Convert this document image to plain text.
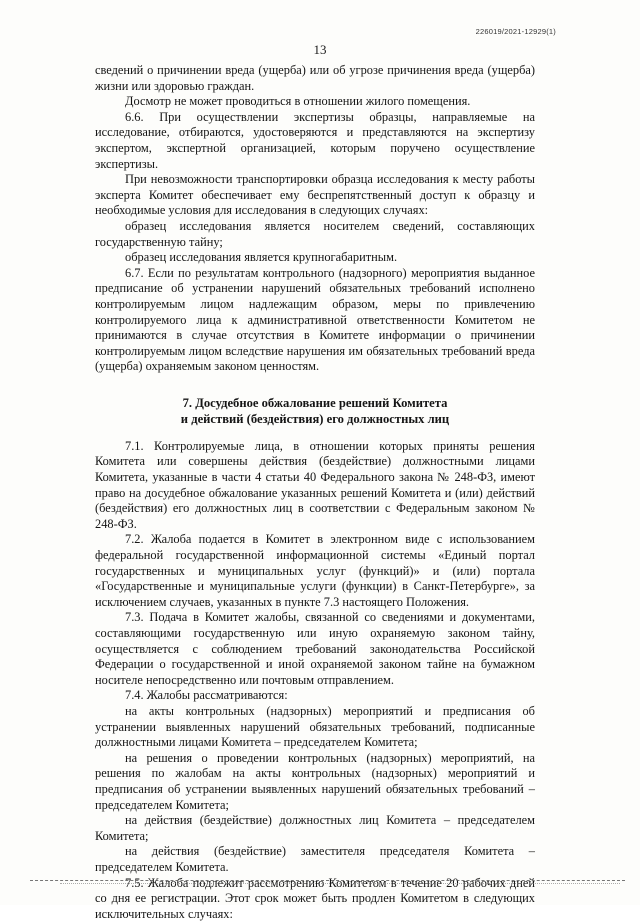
226019/2021-12929(1)
13

сведений о причинении вреда (ущерба) или об угрозе причинения вреда (ущерба) жизни или здоровью граждан.

Досмотр не может проводиться в отношении жилого помещения.

6.6. При осуществлении экспертизы образцы, направляемые на исследование, отбираются, удостоверяются и представляются на экспертизу экспертом, экспертной организацией, которым поручено осуществление экспертизы.

При невозможности транспортировки образца исследования к месту работы эксперта Комитет обеспечивает ему беспрепятственный доступ к образцу и необходимые условия для исследования в следующих случаях:

образец исследования является носителем сведений, составляющих государственную тайну;

образец исследования является крупногабаритным.

6.7. Если по результатам контрольного (надзорного) мероприятия выданное предписание об устранении нарушений обязательных требований исполнено контролируемым лицом надлежащим образом, меры по привлечению контролируемого лица к административной ответственности Комитетом не принимаются в случае отсутствия в Комитете информации о причинении контролируемым лицом вследствие нарушения им обязательных требований вреда (ущерба) охраняемым законом ценностям.

7. Досудебное обжалование решений Комитета
и действий (бездействия) его должностных лиц

7.1. Контролируемые лица, в отношении которых приняты решения Комитета или совершены действия (бездействие) должностными лицами Комитета, указанные в части 4 статьи 40 Федерального закона № 248-ФЗ, имеют право на досудебное обжалование указанных решений Комитета и (или) действий (бездействия) его должностных лиц в соответствии с Федеральным законом № 248-ФЗ.

7.2. Жалоба подается в Комитет в электронном виде с использованием федеральной государственной информационной системы «Единый портал государственных и муниципальных услуг (функций)» и (или) портала «Государственные и муниципальные услуги (функции) в Санкт-Петербурге», за исключением случаев, указанных в пункте 7.3 настоящего Положения.

7.3. Подача в Комитет жалобы, связанной со сведениями и документами, составляющими государственную или иную охраняемую законом тайну, осуществляется с соблюдением требований законодательства Российской Федерации о государственной и иной охраняемой законом тайне на бумажном носителе непосредственно или почтовым отправлением.

7.4. Жалобы рассматриваются:

на акты контрольных (надзорных) мероприятий и предписания об устранении выявленных нарушений обязательных требований, подписанные должностными лицами Комитета – председателем Комитета;

на решения о проведении контрольных (надзорных) мероприятий, на решения по жалобам на акты контрольных (надзорных) мероприятий и предписания об устранении выявленных нарушений обязательных требований – председателем Комитета;

на действия (бездействие) должностных лиц Комитета – председателем Комитета;

на действия (бездействие) заместителя председателя Комитета – председателем Комитета.

7.5. Жалоба подлежит рассмотрению Комитетом в течение 20 рабочих дней со дня ее регистрации. Этот срок может быть продлен Комитетом в следующих исключительных случаях:
